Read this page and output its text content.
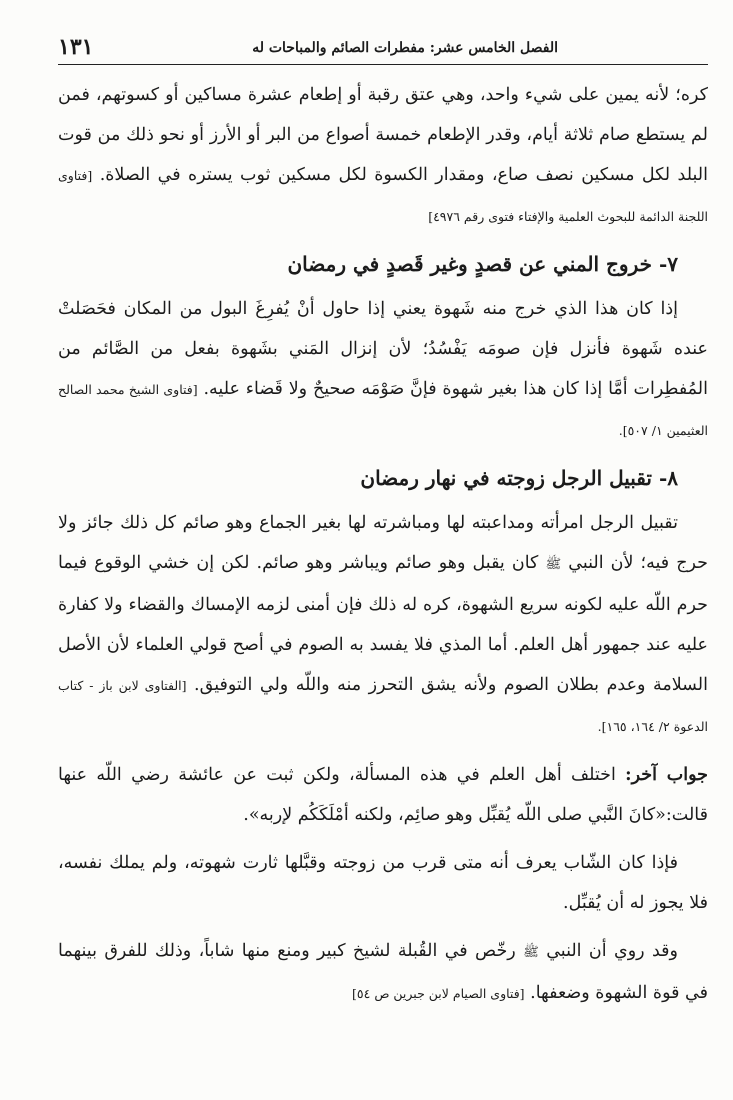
١٣١	الفصل الخامس عشر: مفطرات الصائم والمباحات له

كره؛ لأنه يمين على شيء واحد، وهي عتق رقبة أو إطعام عشرة مساكين أو كسوتهم، فمن لم يستطع صام ثلاثة أيام، وقدر الإطعام خمسة أصواع من البر أو الأرز أو نحو ذلك من قوت البلد لكل مسكين نصف صاع، ومقدار الكسوة لكل مسكين ثوب يستره في الصلاة. [فتاوى اللجنة الدائمة للبحوث العلمية والإفتاء فتوى رقم ٤٩٧٦]

٧- خروج المني عن قصدٍ وغير قَصدٍ في رمضان

إذا كان هذا الذي خرج منه شَهوة يعني إذا حاول أنْ يُفرِغَ البول من المكان فحَصَلتْ عنده شَهوة فأنزل فإن صومَه يَفْسُدُ؛ لأن إنزال المَني بشَهوة بفعل من الصَّائم من المُفطِرات أمَّا إذا كان هذا بغير شهوة فإنَّ صَوْمَه صحيحٌ ولا قَضاء عليه. [فتاوى الشيخ محمد الصالح العثيمين ١/ ٥٠٧].

٨- تقبيل الرجل زوجته في نهار رمضان

تقبيل الرجل امرأته ومداعبته لها ومباشرته لها بغير الجماع وهو صائم كل ذلك جائز ولا حرج فيه؛ لأن النبي ﷺ كان يقبل وهو صائم ويباشر وهو صائم. لكن إن خشي الوقوع فيما حرم اللّه عليه لكونه سريع الشهوة، كره له ذلك فإن أمنى لزمه الإمساك والقضاء ولا كفارة عليه عند جمهور أهل العلم. أما المذي فلا يفسد به الصوم في أصح قولي العلماء لأن الأصل السلامة وعدم بطلان الصوم ولأنه يشق التحرز منه واللّه ولي التوفيق. [الفتاوى لابن باز - كتاب الدعوة ٢/ ١٦٤، ١٦٥].

جواب آخر: اختلف أهل العلم في هذه المسألة، ولكن ثبت عن عائشة رضي اللّه عنها قالت:«كانَ النَّبي صلى اللّه يُقبِّل وهو صائِم، ولكنه أمْلَكَكُم لإربه».

فإذا كان الشّاب يعرف أنه متى قرب من زوجته وقبَّلها ثارت شهوته، ولم يملك نفسه، فلا يجوز له أن يُقبِّل.

وقد روي أن النبي ﷺ رخّص في القُبلة لشيخ كبير ومنع منها شاباً، وذلك للفرق بينهما في قوة الشهوة وضعفها. [فتاوى الصيام لابن جبرين ص ٥٤]
